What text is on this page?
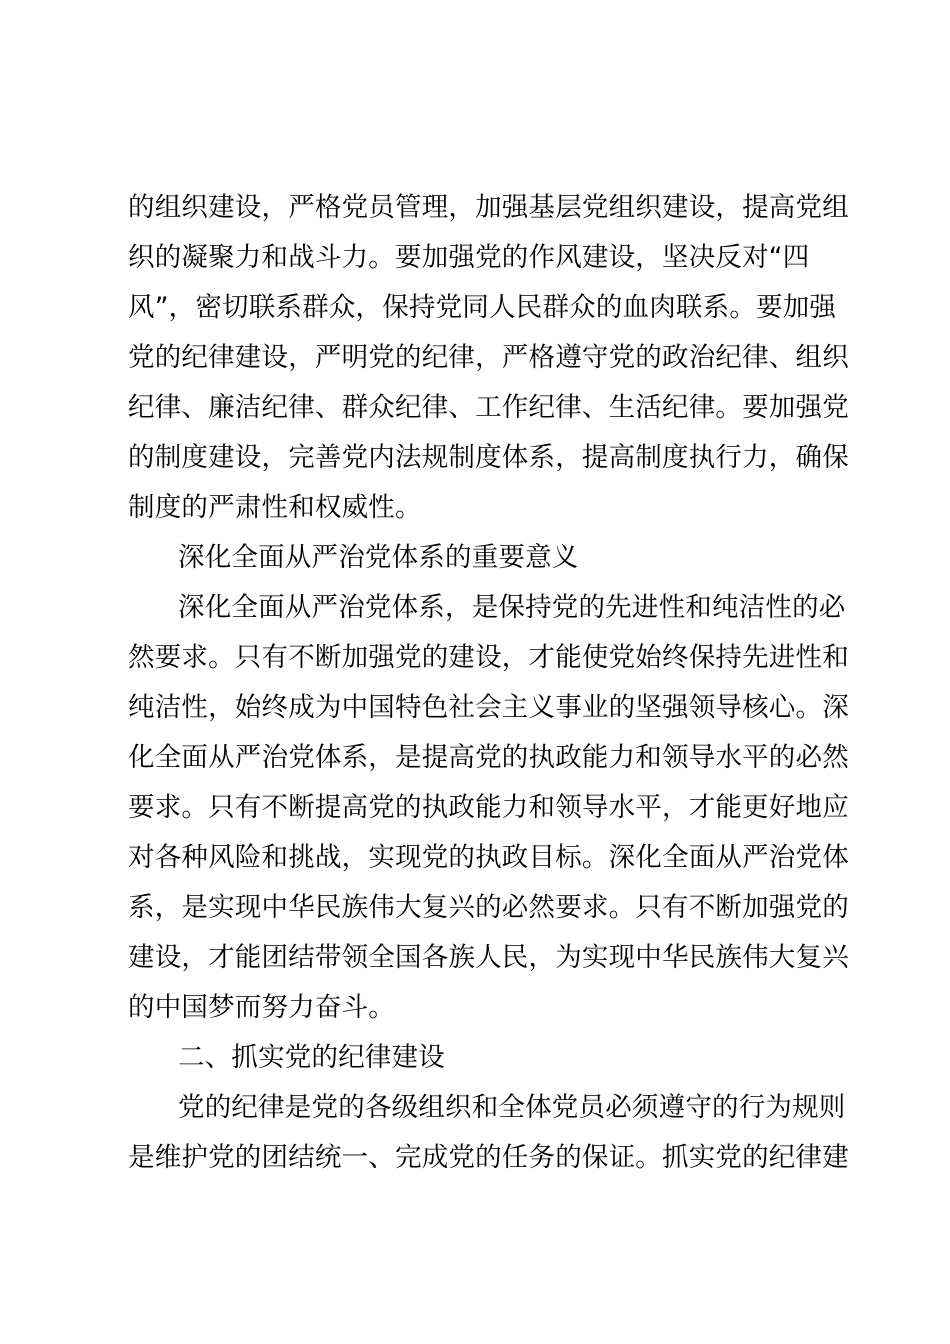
的组织建设，严格党员管理，加强基层党组织建设，提高党组
织的凝聚力和战斗力。要加强党的作风建设，坚决反对“四
风”，密切联系群众，保持党同人民群众的血肉联系。要加强
党的纪律建设，严明党的纪律，严格遵守党的政治纪律、组织
纪律、廉洁纪律、群众纪律、工作纪律、生活纪律。要加强党
的制度建设，完善党内法规制度体系，提高制度执行力，确保
制度的严肃性和权威性。
深化全面从严治党体系的重要意义
深化全面从严治党体系，是保持党的先进性和纯洁性的必
然要求。只有不断加强党的建设，才能使党始终保持先进性和
纯洁性，始终成为中国特色社会主义事业的坚强领导核心。深
化全面从严治党体系，是提高党的执政能力和领导水平的必然
要求。只有不断提高党的执政能力和领导水平，才能更好地应
对各种风险和挑战，实现党的执政目标。深化全面从严治党体
系，是实现中华民族伟大复兴的必然要求。只有不断加强党的
建设，才能团结带领全国各族人民，为实现中华民族伟大复兴
的中国梦而努力奋斗。
二、抓实党的纪律建设
党的纪律是党的各级组织和全体党员必须遵守的行为规则
是维护党的团结统一、完成党的任务的保证。抓实党的纪律建
